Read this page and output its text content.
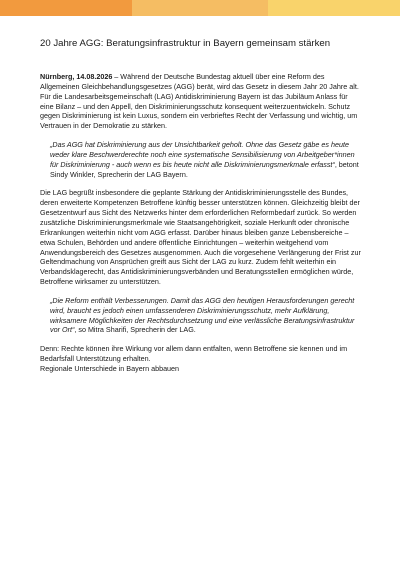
20 Jahre AGG: Beratungsinfrastruktur in Bayern gemeinsam stärken

Nürnberg, 14.08.2026 – Während der Deutsche Bundestag aktuell über eine Reform des Allgemeinen Gleichbehandlungsgesetzes (AGG) berät, wird das Gesetz in diesem Jahr 20 Jahre alt. Für die Landesarbeitsgemeinschaft (LAG) Antidiskriminierung Bayern ist das Jubiläum Anlass für eine Bilanz – und den Appell, den Diskriminierungsschutz konsequent weiterzuentwickeln. Schutz gegen Diskriminierung ist kein Luxus, sondern ein verbrieftes Recht der Verfassung und wichtig, um Vertrauen in der Demokratie zu stärken.

„Das AGG hat Diskriminierung aus der Unsichtbarkeit geholt. Ohne das Gesetz gäbe es heute weder klare Beschwerderechte noch eine systematische Sensibilisierung von Arbeitgeber*innen für Diskriminierung - auch wenn es bis heute nicht alle Diskriminierungsmerkmale erfasst“, betont Sindy Winkler, Sprecherin der LAG Bayern.

Die LAG begrüßt insbesondere die geplante Stärkung der Antidiskriminierungsstelle des Bundes, deren erweiterte Kompetenzen Betroffene künftig besser unterstützen können. Gleichzeitig bleibt der Gesetzentwurf aus Sicht des Netzwerks hinter dem erforderlichen Reformbedarf zurück. So werden zusätzliche Diskriminierungsmerkmale wie Staatsangehörigkeit, soziale Herkunft oder chronische Erkrankungen weiterhin nicht vom AGG erfasst. Darüber hinaus bleiben ganze Lebensbereiche – etwa Schulen, Behörden und andere öffentliche Einrichtungen – weiterhin weitgehend vom Anwendungsbereich des Gesetzes ausgenommen. Auch die vorgesehene Verlängerung der Frist zur Geltendmachung von Ansprüchen greift aus Sicht der LAG zu kurz. Zudem fehlt weiterhin ein Verbandsklagerecht, das Antidiskriminierungsverbänden und Beratungsstellen ermöglichen würde, Betroffene wirksamer zu unterstützen.

„Die Reform enthält Verbesserungen. Damit das AGG den heutigen Herausforderungen gerecht wird, braucht es jedoch einen umfassenderen Diskriminierungsschutz, mehr Aufklärung, wirksamere Möglichkeiten der Rechtsdurchsetzung und eine verlässliche Beratungsinfrastruktur vor Ort“, so Mitra Sharifi, Sprecherin der LAG.

Denn: Rechte können ihre Wirkung vor allem dann entfalten, wenn Betroffene sie kennen und im Bedarfsfall Unterstützung erhalten.

Regionale Unterschiede in Bayern abbauen
